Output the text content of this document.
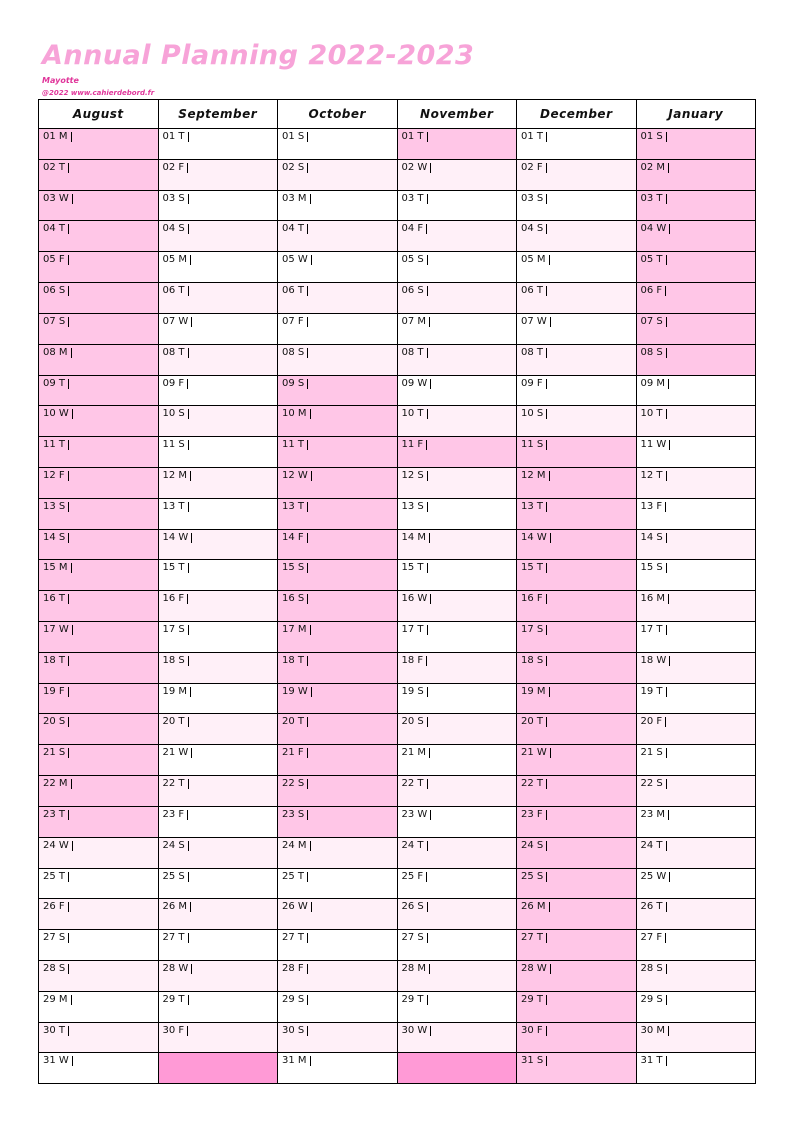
Annual Planning 2022-2023
Mayotte
@2022 www.cahierdebord.fr
August
01 M
02 T
03 W
04 T
05 F
06 S
07 S
08 M
09 T
10 W
11 T
12 F
13 S
14 S
15 M
16 T
17 W
18 T
19 F
20 S
21 S
22 M
23 T
24 W
25 T
26 F
27 S
28 S
29 M
30 T
31 W
September
01 T
02 F
03 S
04 S
05 M
06 T
07 W
08 T
09 F
10 S
11 S
12 M
13 T
14 W
15 T
16 F
17 S
18 S
19 M
20 T
21 W
22 T
23 F
24 S
25 S
26 M
27 T
28 W
29 T
30 F
October
01 S
02 S
03 M
04 T
05 W
06 T
07 F
08 S
09 S
10 M
11 T
12 W
13 T
14 F
15 S
16 S
17 M
18 T
19 W
20 T
21 F
22 S
23 S
24 M
25 T
26 W
27 T
28 F
29 S
30 S
31 M
November
01 T
02 W
03 T
04 F
05 S
06 S
07 M
08 T
09 W
10 T
11 F
12 S
13 S
14 M
15 T
16 W
17 T
18 F
19 S
20 S
21 M
22 T
23 W
24 T
25 F
26 S
27 S
28 M
29 T
30 W
December
01 T
02 F
03 S
04 S
05 M
06 T
07 W
08 T
09 F
10 S
11 S
12 M
13 T
14 W
15 T
16 F
17 S
18 S
19 M
20 T
21 W
22 T
23 F
24 S
25 S
26 M
27 T
28 W
29 T
30 F
31 S
January
01 S
02 M
03 T
04 W
05 T
06 F
07 S
08 S
09 M
10 T
11 W
12 T
13 F
14 S
15 S
16 M
17 T
18 W
19 T
20 F
21 S
22 S
23 M
24 T
25 W
26 T
27 F
28 S
29 S
30 M
31 T
